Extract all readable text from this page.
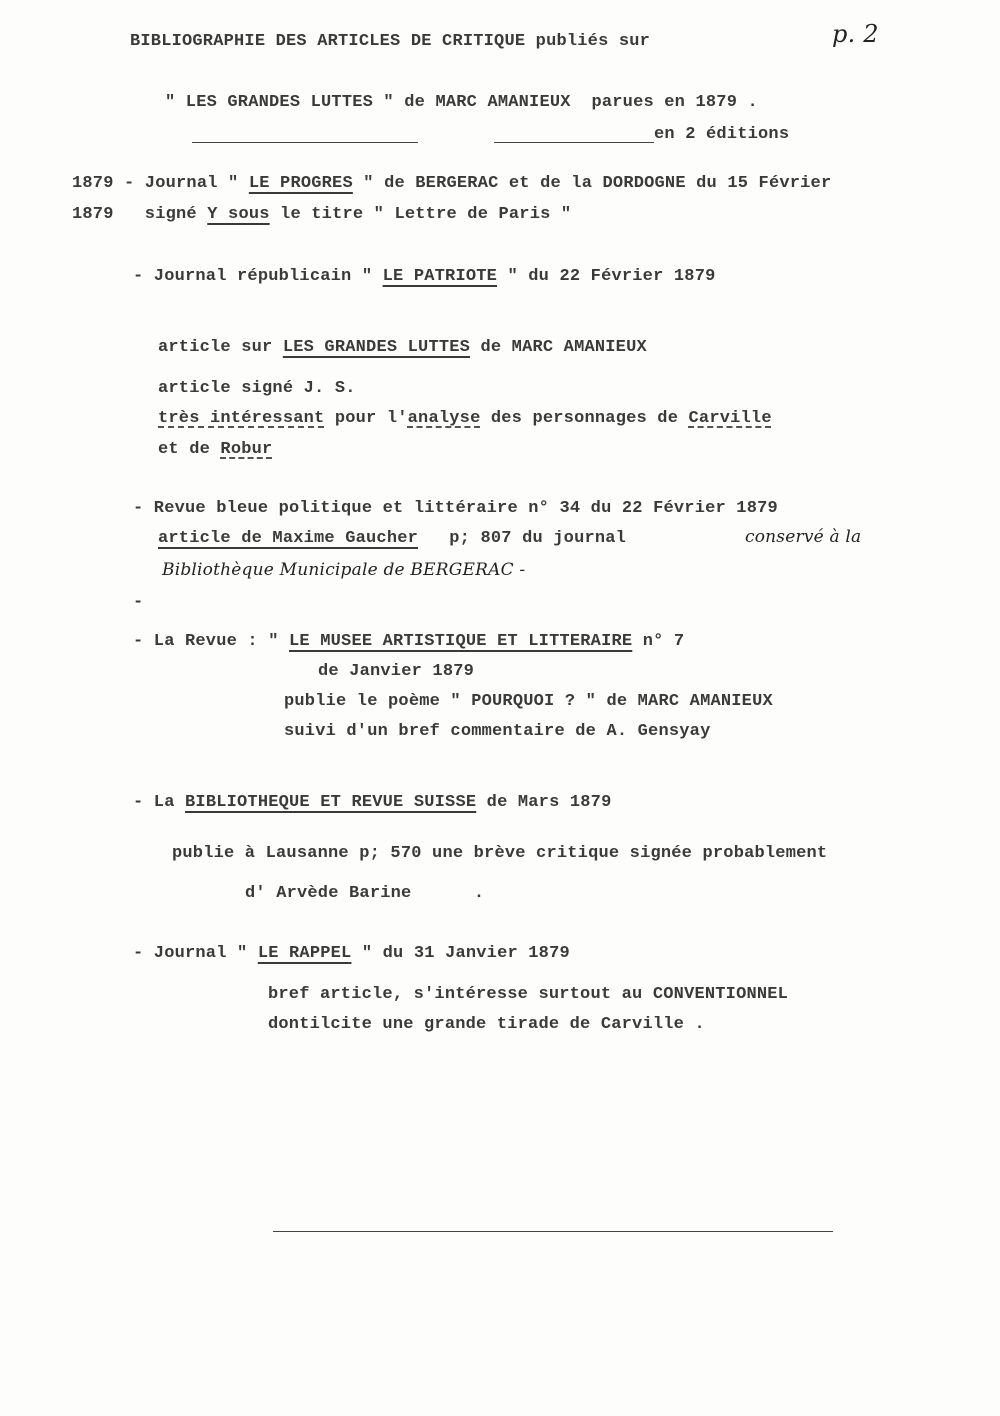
p. 2
BIBLIOGRAPHIE DES ARTICLES DE CRITIQUE publiés sur
" LES GRANDES LUTTES " de MARC AMANIEUX  parues en 1879 .
en 2 éditions
1879 - Journal " LE PROGRES " de BERGERAC et de la DORDOGNE du 15 Février
1879   signé Y sous le titre " Lettre de Paris "
- Journal républicain " LE PATRIOTE " du 22 Février 1879
article sur LES GRANDES LUTTES de MARC AMANIEUX
article signé J. S.
très intéressant pour l'analyse des personnages de Carville
et de Robur
- Revue bleue politique et littéraire n° 34 du 22 Février 1879
article de Maxime Gaucher   p; 807 du journal	conservé à la
Bibliothèque Municipale de BERGERAC -
-
- La Revue : " LE MUSEE ARTISTIQUE ET LITTERAIRE n° 7
de Janvier 1879
publie le poème " POURQUOI ? " de MARC AMANIEUX
suivi d'un bref commentaire de A. Gensyay
- La BIBLIOTHEQUE ET REVUE SUISSE de Mars 1879
publie à Lausanne p; 570 une brève critique signée probablement
d' Arvède Barine      .
- Journal " LE RAPPEL " du 31 Janvier 1879
bref article, s'intéresse surtout au CONVENTIONNEL
dontilcite une grande tirade de Carville .
